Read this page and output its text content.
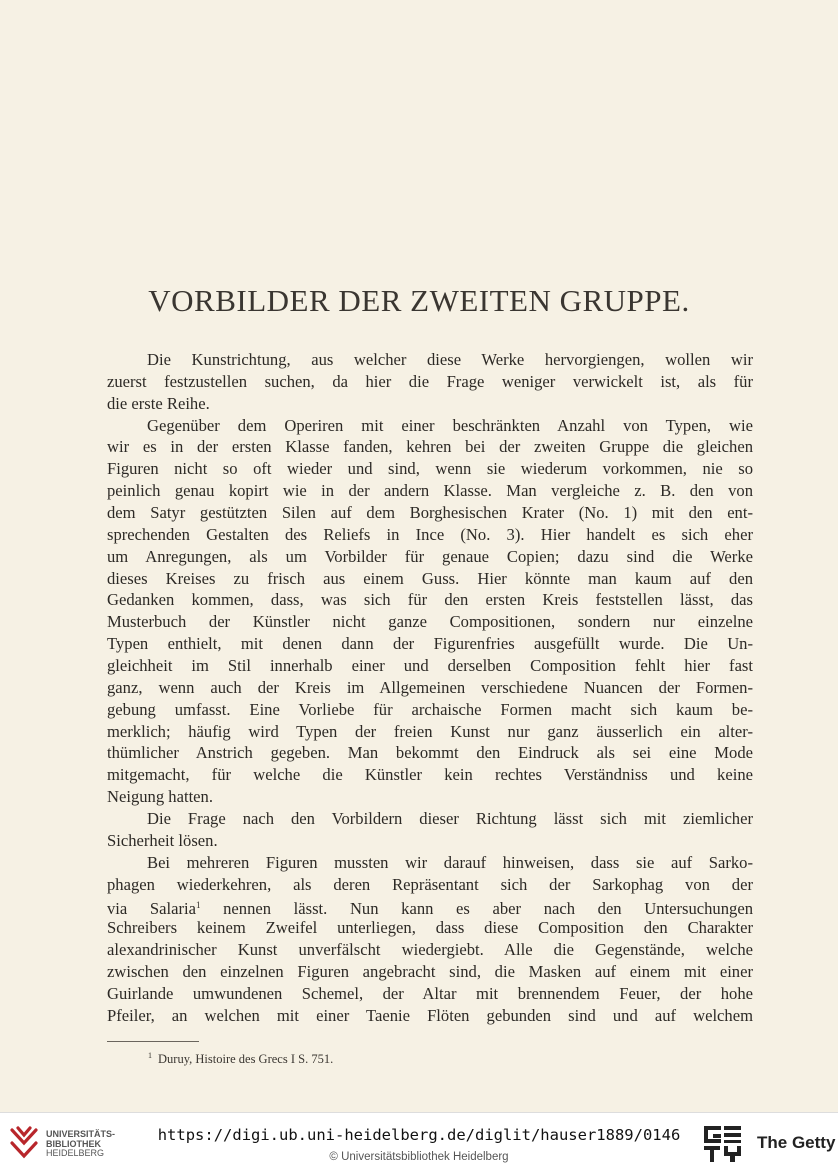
VORBILDER DER ZWEITEN GRUPPE.
Die Kunstrichtung, aus welcher diese Werke hervorgiengen, wollen wir
zuerst festzustellen suchen, da hier die Frage weniger verwickelt ist, als für
die erste Reihe.
Gegenüber dem Operiren mit einer beschränkten Anzahl von Typen, wie
wir es in der ersten Klasse fanden, kehren bei der zweiten Gruppe die gleichen
Figuren nicht so oft wieder und sind, wenn sie wiederum vorkommen, nie so
peinlich genau kopirt wie in der andern Klasse. Man vergleiche z. B. den von
dem Satyr gestützten Silen auf dem Borghesischen Krater (No. 1) mit den ent-
sprechenden Gestalten des Reliefs in Ince (No. 3). Hier handelt es sich eher
um Anregungen, als um Vorbilder für genaue Copien; dazu sind die Werke
dieses Kreises zu frisch aus einem Guss. Hier könnte man kaum auf den
Gedanken kommen, dass, was sich für den ersten Kreis feststellen lässt, das
Musterbuch der Künstler nicht ganze Compositionen, sondern nur einzelne
Typen enthielt, mit denen dann der Figurenfries ausgefüllt wurde. Die Un-
gleichheit im Stil innerhalb einer und derselben Composition fehlt hier fast
ganz, wenn auch der Kreis im Allgemeinen verschiedene Nuancen der Formen-
gebung umfasst. Eine Vorliebe für archaische Formen macht sich kaum be-
merklich; häufig wird Typen der freien Kunst nur ganz äusserlich ein alter-
thümlicher Anstrich gegeben. Man bekommt den Eindruck als sei eine Mode
mitgemacht, für welche die Künstler kein rechtes Verständniss und keine
Neigung hatten.
Die Frage nach den Vorbildern dieser Richtung lässt sich mit ziemlicher
Sicherheit lösen.
Bei mehreren Figuren mussten wir darauf hinweisen, dass sie auf Sarko-
phagen wiederkehren, als deren Repräsentant sich der Sarkophag von der
via Salaria$^1$ nennen lässt. Nun kann es aber nach den Untersuchungen
Schreibers keinem Zweifel unterliegen, dass diese Composition den Charakter
alexandrinischer Kunst unverfälscht wiedergiebt. Alle die Gegenstände, welche
zwischen den einzelnen Figuren angebracht sind, die Masken auf einem mit einer
Guirlande umwundenen Schemel, der Altar mit brennendem Feuer, der hohe
Pfeiler, an welchen mit einer Taenie Flöten gebunden sind und auf welchem
$^1$ Duruy, Histoire des Grecs I S. 751.
UNIVERSITÄTS-
BIBLIOTHEK
HEIDELBERG
https://digi.ub.uni-heidelberg.de/diglit/hauser1889/0146
© Universitätsbibliothek Heidelberg
The Getty
